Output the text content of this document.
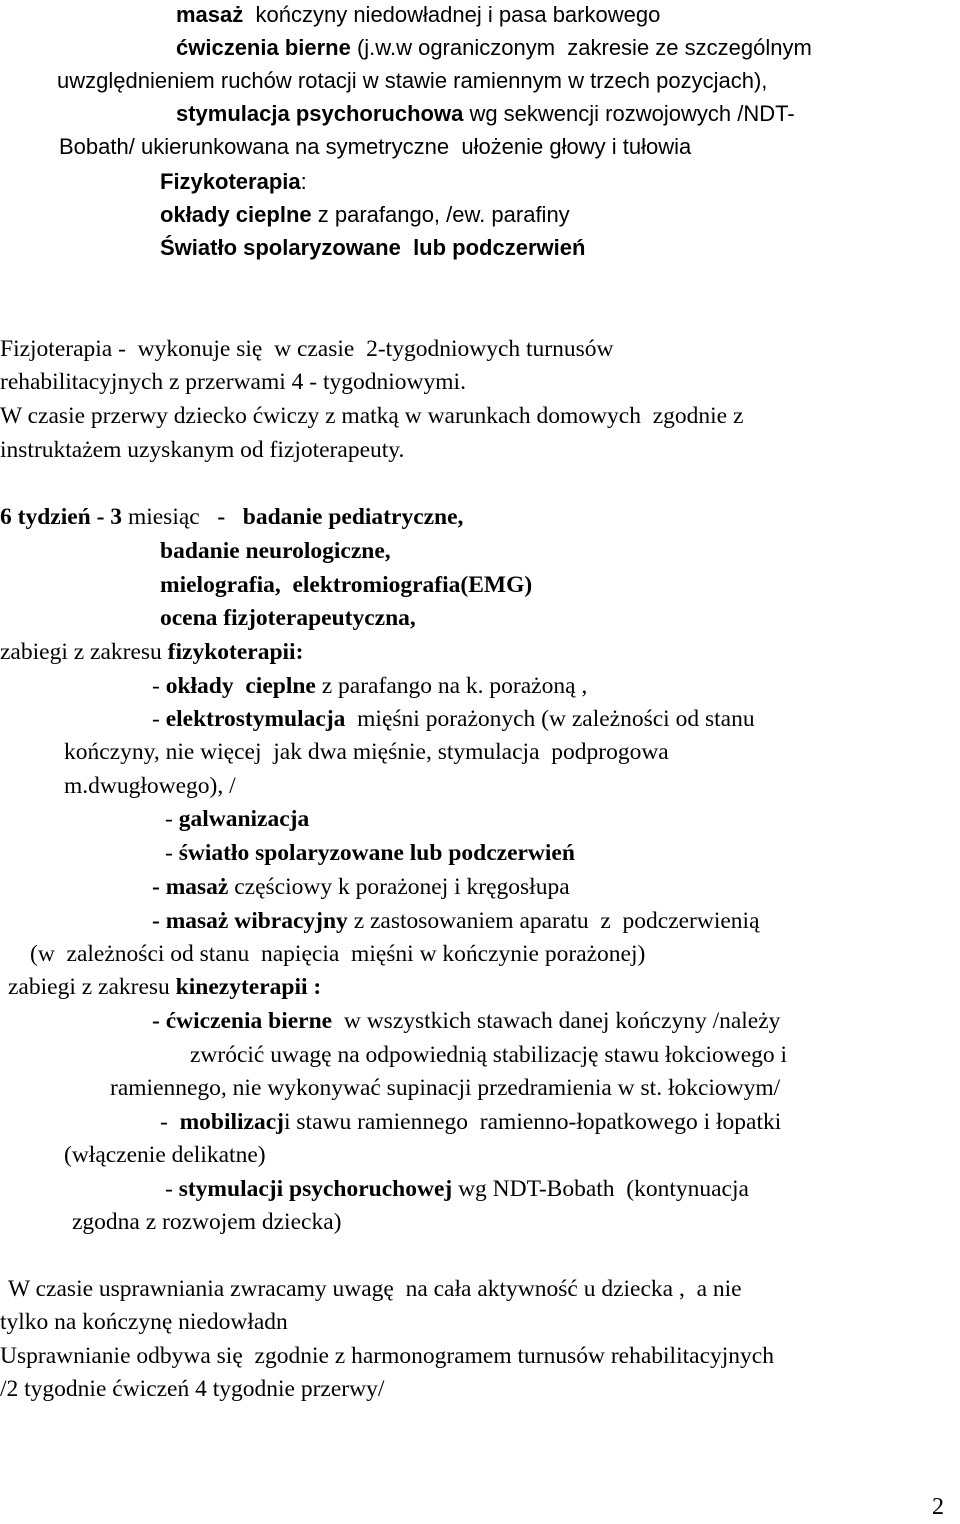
masaż  kończyny niedowładnej i pasa barkowego
ćwiczenia bierne (j.w.w ograniczonym  zakresie ze szczególnym
uwzględnieniem ruchów rotacji w stawie ramiennym w trzech pozycjach),
stymulacja psychoruchowa wg sekwencji rozwojowych /NDT-
Bobath/ ukierunkowana na symetryczne  ułożenie głowy i tułowia
Fizykoterapia:
okłady cieplne z parafango, /ew. parafiny
Światło spolaryzowane  lub podczerwień
Fizjoterapia -  wykonuje się  w czasie  2-tygodniowych turnusów
rehabilitacyjnych z przerwami 4 - tygodniowymi.
W czasie przerwy dziecko ćwiczy z matką w warunkach domowych  zgodnie z
instruktażem uzyskanym od fizjoterapeuty.
6 tydzień - 3 miesiąc   -   badanie pediatryczne,
badanie neurologiczne,
mielografia,  elektromiografia(EMG)
ocena fizjoterapeutyczna,
zabiegi z zakresu fizykoterapii:
- okłady  cieplne z parafango na k. porażoną ,
- elektrostymulacja  mięśni porażonych (w zależności od stanu
kończyny, nie więcej  jak dwa mięśnie, stymulacja  podprogowa
m.dwugłowego), /
- galwanizacja
- światło spolaryzowane lub podczerwień
- masaż częściowy k porażonej i kręgosłupa
- masaż wibracyjny z zastosowaniem aparatu  z  podczerwienią
(w  zależności od stanu  napięcia  mięśni w kończynie porażonej)
zabiegi z zakresu kinezyterapii :
- ćwiczenia bierne  w wszystkich stawach danej kończyny /należy
zwrócić uwagę na odpowiednią stabilizację stawu łokciowego i
ramiennego, nie wykonywać supinacji przedramienia w st. łokciowym/
-  mobilizacji stawu ramiennego  ramienno-łopatkowego i łopatki
(włączenie delikatne)
- stymulacji psychoruchowej wg NDT-Bobath  (kontynuacja
zgodna z rozwojem dziecka)
W czasie usprawniania zwracamy uwagę  na cała aktywność u dziecka ,  a nie
tylko na kończynę niedowładn
Usprawnianie odbywa się  zgodnie z harmonogramem turnusów rehabilitacyjnych
/2 tygodnie ćwiczeń 4 tygodnie przerwy/
2
